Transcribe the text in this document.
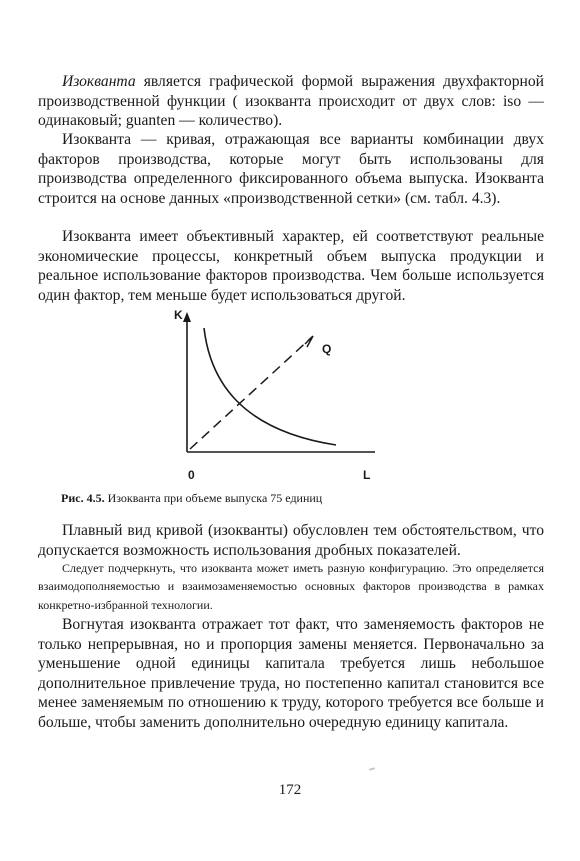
Изокванта является графической формой выражения двухфакторной производственной функции ( изокванта происходит от двух слов: iso — одинаковый; guanten — количество).

Изокванта — кривая, отражающая все варианты комбинации двух факторов производства, которые могут быть использованы для производства определенного фиксированного объема выпуска. Изокванта строится на основе данных «производственной сетки» (см. табл. 4.3).

Изокванта имеет объективный характер, ей соответствуют реальные экономические процессы, конкретный объем выпуска продукции и реальное использование факторов производства. Чем больше используется один фактор, тем меньше будет использоваться другой.

K
Q
0	L
Рис. 4.5. Изокванта при объеме выпуска 75 единиц

Плавный вид кривой (изокванты) обусловлен тем обстоятельством, что допускается возможность использования дробных показателей.

Следует подчеркнуть, что изокванта может иметь разную конфигурацию. Это определяется взаимодополняемостью и взаимозаменяемостью основных факторов производства в рамках конкретно-избранной технологии.

Вогнутая изокванта отражает тот факт, что заменяемость факторов не только непрерывная, но и пропорция замены меняется. Первоначально за уменьшение одной единицы капитала требуется лишь небольшое дополнительное привлечение труда, но постепенно капитал становится все менее заменяемым по отношению к труду, которого требуется все больше и больше, чтобы заменить дополнительно очередную единицу капитала.

172
